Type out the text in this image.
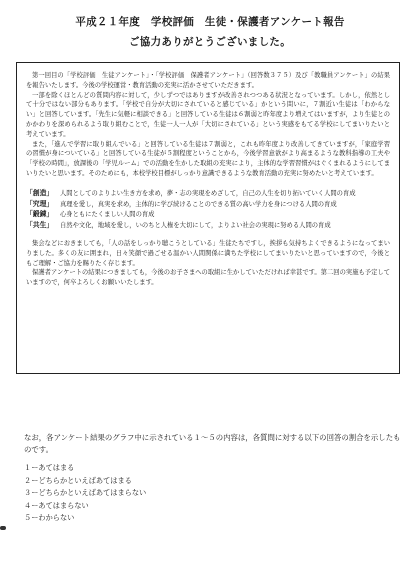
平成２１年度　学校評価　生徒・保護者アンケート報告
ご協力ありがとうございました。

第一回目の「学校評価　生徒アンケート」・「学校評価　保護者アンケート」（回答数３７５）及び「教職員アンケート」の結果を報告いたします。今後の学校運営・教育活動の充実に活かさせていただきます。

一部を除くほとんどの質問内容に対して，少しずつではありますが改善されつつある状況となっています。しかし，依然として十分ではない部分もあります。「学校で自分が大切にされていると感じている」かという問いに，７割近い生徒は「わからない」と回答しています。「先生に気軽に相談できる」と回答している生徒は６割弱と昨年度より増えてはいますが，より生徒とのかかわりを深められるよう取り組むことで，生徒一人一人が「大切にされている」という実感をもてる学校にしてまいりたいと考えています。

また，「進んで学習に取り組んでいる」と回答している生徒は７割弱と，これも昨年度より改善してきていますが，「家庭学習の習慣が身についている」と回答している生徒が５割程度ということから，今後学習意欲がより高まるような教科指導の工夫や「学校の時間」，放課後の「学児ルーム」での活動を生かした取組の充実により，主体的な学習習慣がはぐくまれるようにしてまいりたいと思います。そのためにも，本校学校目標がしっかり意識できるような教育活動の充実に努めたいと考えています。

「創造」	人間としてのよりよい生き方を求め，夢・志の実現をめざして，自己の人生を切り拓いていく人間の育成
「究理」	真理を愛し，真実を求め，主体的に学び続けることのできる質の高い学力を身につける人間の育成
「鍛錬」	心身ともにたくましい人間の育成
「共生」	自然や文化，地域を愛し，いのちと人権を大切にして，よりよい社会の実現に努める人間の育成

集会などにおきましても，「人の話をしっかり聴こうとしている」生徒たちですし，挨拶も気持ちよくできるようになってまいりました。多くの友に囲まれ，日々笑顔で過ごせる温かい人間関係に満ちた学校にしてまいりたいと思っていますので，今後ともご理解・ご協力を賜りたく存じます。

保護者アンケートの結果につきましても，今後のお子さまへの取組に生かしていただければ幸甚です。第二回の実施も予定していますので，何卒よろしくお願いいたします。

なお，各アンケート結果のグラフ中に示されている１〜５の内容は，各質問に対する以下の回答の割合を示したものです。

１ーあてはまる

２ーどちらかといえばあてはまる

３ーどちらかといえばあてはまらない

４ーあてはまらない

５ーわからない
